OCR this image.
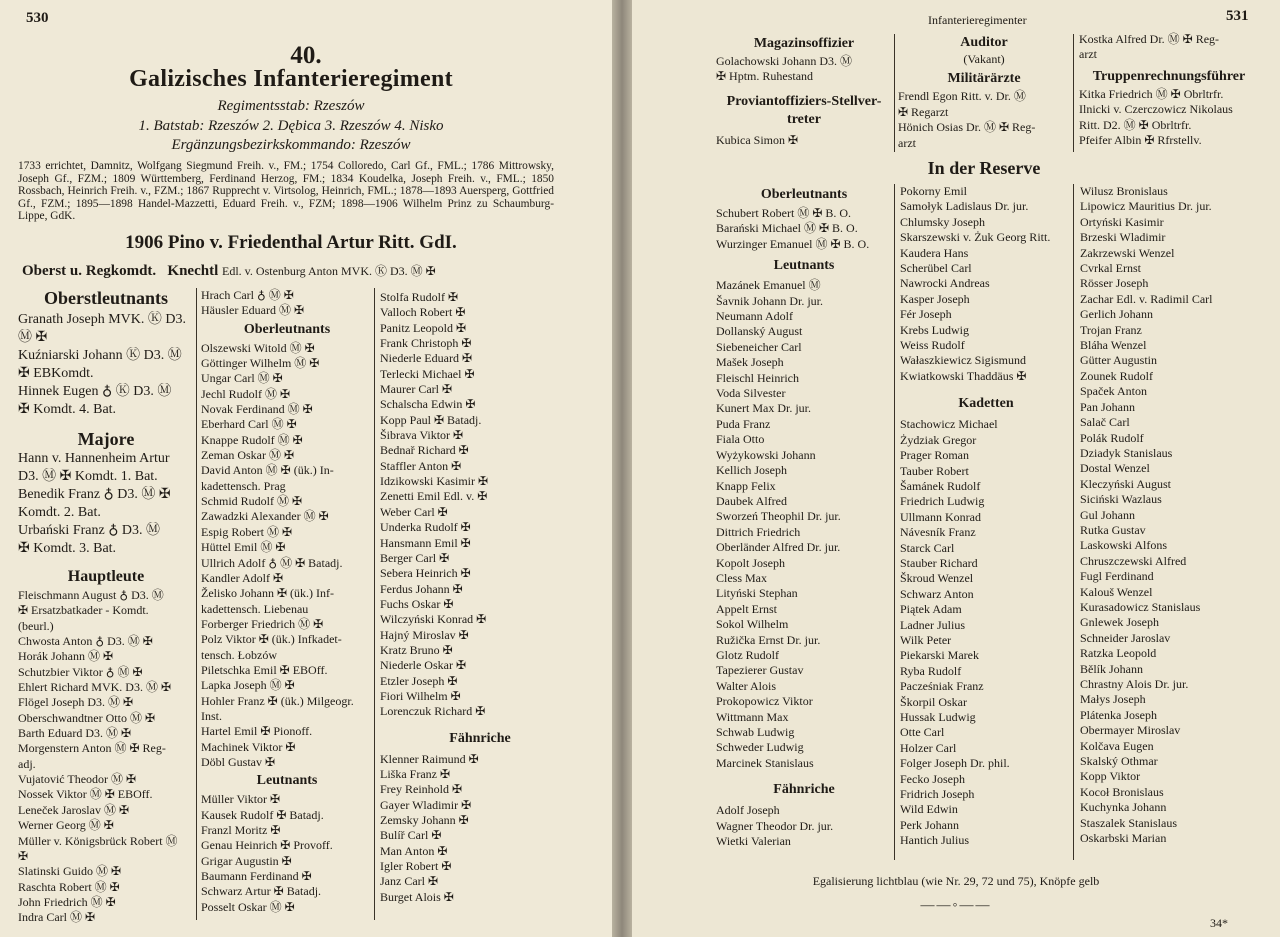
530
40.
Galizisches Infanterieregiment
Regimentsstab: Rzeszów
1. Batstab: Rzeszów 2. Dębica 3. Rzeszów 4. Nisko
Ergänzungsbezirkskommando: Rzeszów
1733 errichtet, Damnitz, Wolfgang Siegmund Freih. v., FM.; 1754 Colloredo, Carl Gf., FML.; 1786 Mittrowsky, Joseph Gf., FZM.; 1809 Württemberg, Ferdinand Herzog, FM.; 1834 Koudelka, Joseph Freih. v., FML.; 1850 Rossbach, Heinrich Freih. v., FZM.; 1867 Rupprecht v. Virtsolog, Heinrich, FML.; 1878—1893 Auersperg, Gottfried Gf., FZM.; 1895—1898 Handel-Mazzetti, Eduard Freih. v., FZM; 1898—1906 Wilhelm Prinz zu Schaumburg-Lippe, GdK.
1906 Pino v. Friedenthal Artur Ritt. GdI.
Oberst u. Regkomdt. Knechtl Edl. v. Ostenburg Anton MVK. Ⓚ D3. Ⓜ ✠
Oberstleutnants
Granath Joseph MVK. Ⓚ D3.
Ⓜ ✠
Kuźniarski Johann Ⓚ D3. Ⓜ
✠ EBKomdt.
Hinnek Eugen ♁ Ⓚ D3. Ⓜ
✠ Komdt. 4. Bat.
Majore
Hann v. Hannenheim Artur
D3. Ⓜ ✠ Komdt. 1. Bat.
Benedik Franz ♁ D3. Ⓜ ✠
Komdt. 2. Bat.
Urbański Franz ♁ D3. Ⓜ
✠ Komdt. 3. Bat.
Hauptleute
Fleischmann August ♁ D3. Ⓜ
✠ Ersatzbatkader - Komdt.
(beurl.)
Chwosta Anton ♁ D3. Ⓜ ✠
Horák Johann Ⓜ ✠
Schutzbier Viktor ♁ Ⓜ ✠
Ehlert Richard MVK. D3. Ⓜ ✠
Flögel Joseph D3. Ⓜ ✠
Oberschwandtner Otto Ⓜ ✠
Barth Eduard D3. Ⓜ ✠
Morgenstern Anton Ⓜ ✠ Reg-
adj.
Vujatović Theodor Ⓜ ✠
Nossek Viktor Ⓜ ✠ EBOff.
Leneček Jaroslav Ⓜ ✠
Werner Georg Ⓜ ✠
Müller v. Königsbrück Robert Ⓜ
✠
Slatinski Guido Ⓜ ✠
Raschta Robert Ⓜ ✠
John Friedrich Ⓜ ✠
Indra Carl Ⓜ ✠
Hrach Carl ♁ Ⓜ ✠
Häusler Eduard Ⓜ ✠
Oberleutnants
Olszewski Witold Ⓜ ✠
Göttinger Wilhelm Ⓜ ✠
Ungar Carl Ⓜ ✠
Jechl Rudolf Ⓜ ✠
Novak Ferdinand Ⓜ ✠
Eberhard Carl Ⓜ ✠
Knappe Rudolf Ⓜ ✠
Zeman Oskar Ⓜ ✠
David Anton Ⓜ ✠ (ük.) In-
kadettensch. Prag
Schmid Rudolf Ⓜ ✠
Zawadzki Alexander Ⓜ ✠
Espig Robert Ⓜ ✠
Hüttel Emil Ⓜ ✠
Ullrich Adolf ♁ Ⓜ ✠ Batadj.
Kandler Adolf ✠
Želisko Johann ✠ (ük.) Inf-
kadettensch. Liebenau
Forberger Friedrich Ⓜ ✠
Polz Viktor ✠ (ük.) Infkadet-
tensch. Łobzów
Piletschka Emil ✠ EBOff.
Lapka Joseph Ⓜ ✠
Hohler Franz ✠ (ük.) Milgeogr.
Inst.
Hartel Emil ✠ Pionoff.
Machinek Viktor ✠
Döbl Gustav ✠
Leutnants
Müller Viktor ✠
Kausek Rudolf ✠ Batadj.
Franzl Moritz ✠
Genau Heinrich ✠ Provoff.
Grigar Augustin ✠
Baumann Ferdinand ✠
Schwarz Artur ✠ Batadj.
Posselt Oskar Ⓜ ✠
Stolfa Rudolf ✠
Valloch Robert ✠
Panitz Leopold ✠
Frank Christoph ✠
Niederle Eduard ✠
Terlecki Michael ✠
Maurer Carl ✠
Schalscha Edwin ✠
Kopp Paul ✠ Batadj.
Šibrava Viktor ✠
Bednař Richard ✠
Staffler Anton ✠
Idzikowski Kasimir ✠
Zenetti Emil Edl. v. ✠
Weber Carl ✠
Underka Rudolf ✠
Hansmann Emil ✠
Berger Carl ✠
Sebera Heinrich ✠
Ferdus Johann ✠
Fuchs Oskar ✠
Wilczyński Konrad ✠
Hajný Miroslav ✠
Kratz Bruno ✠
Niederle Oskar ✠
Etzler Joseph ✠
Fiori Wilhelm ✠
Lorenczuk Richard ✠
Fähnriche
Klenner Raimund ✠
Liška Franz ✠
Frey Reinhold ✠
Gayer Wladimir ✠
Zemsky Johann ✠
Bulíř Carl ✠
Man Anton ✠
Igler Robert ✠
Janz Carl ✠
Burget Alois ✠
Infanterieregimenter	531
Magazinsoffizier
Golachowski Johann D3. Ⓜ
✠ Hptm. Ruhestand
Proviantoffiziers-Stellver-
treter
Kubica Simon ✠
Auditor
(Vakant)
Militärärzte
Frendl Egon Ritt. v. Dr. Ⓜ
✠ Regarzt
Hönich Osias Dr. Ⓜ ✠ Reg-
arzt
Kostka Alfred Dr. Ⓜ ✠ Reg-
arzt
Truppenrechnungsführer
Kitka Friedrich Ⓜ ✠ Obrltrfr.
Ilnicki v. Czerczowicz Nikolaus
Ritt. D2. Ⓜ ✠ Obrltrfr.
Pfeifer Albin ✠ Rfrstellv.
In der Reserve
Oberleutnants
Schubert Robert Ⓜ ✠ B. O.
Barański Michael Ⓜ ✠ B. O.
Wurzinger Emanuel Ⓜ ✠ B. O.
Leutnants
Mazánek Emanuel Ⓜ
Šavnik Johann Dr. jur.
Neumann Adolf
Dollanský August
Siebeneicher Carl
Mašek Joseph
Fleischl Heinrich
Voda Silvester
Kunert Max Dr. jur.
Puda Franz
Fiala Otto
Wyżykowski Johann
Kellich Joseph
Knapp Felix
Daubek Alfred
Sworzeń Theophil Dr. jur.
Dittrich Friedrich
Oberländer Alfred Dr. jur.
Kopolt Joseph
Cless Max
Lityński Stephan
Appelt Ernst
Sokol Wilhelm
Ružička Ernst Dr. jur.
Glotz Rudolf
Tapezierer Gustav
Walter Alois
Prokopowicz Viktor
Wittmann Max
Schwab Ludwig
Schweder Ludwig
Marcinek Stanislaus
Fähnriche
Adolf Joseph
Wagner Theodor Dr. jur.
Wietki Valerian
Pokorny Emil
Samołyk Ladislaus Dr. jur.
Chlumsky Joseph
Skarszewski v. Żuk Georg Ritt.
Kaudera Hans
Scherübel Carl
Nawrocki Andreas
Kasper Joseph
Fér Joseph
Krebs Ludwig
Weiss Rudolf
Wałaszkiewicz Sigismund
Kwiatkowski Thaddäus ✠
Kadetten
Stachowicz Michael
Żydziak Gregor
Prager Roman
Tauber Robert
Šamánek Rudolf
Friedrich Ludwig
Ullmann Konrad
Návesník Franz
Starck Carl
Stauber Richard
Škroud Wenzel
Schwarz Anton
Piątek Adam
Ladner Julius
Wilk Peter
Piekarski Marek
Ryba Rudolf
Pacześniak Franz
Škorpil Oskar
Hussak Ludwig
Otte Carl
Holzer Carl
Folger Joseph Dr. phil.
Fecko Joseph
Fridrich Joseph
Wild Edwin
Perk Johann
Hantich Julius
Wilusz Bronislaus
Lipowicz Mauritius Dr. jur.
Ortyński Kasimir
Brzeski Wladimir
Zakrzewski Wenzel
Cvrkal Ernst
Rösser Joseph
Zachar Edl. v. Radimil Carl
Gerlich Johann
Trojan Franz
Bláha Wenzel
Gütter Augustin
Zounek Rudolf
Spaček Anton
Pan Johann
Salač Carl
Polák Rudolf
Dziadyk Stanislaus
Dostal Wenzel
Kleczyński August
Siciński Wazlaus
Gul Johann
Rutka Gustav
Laskowski Alfons
Chruszczewski Alfred
Fugl Ferdinand
Kalouš Wenzel
Kurasadowicz Stanislaus
Gnlewek Joseph
Schneider Jaroslav
Ratzka Leopold
Bělík Johann
Chrastny Alois Dr. jur.
Małys Joseph
Plátenka Joseph
Obermayer Miroslav
Kolčava Eugen
Skalský Othmar
Kopp Viktor
Kocoł Bronislaus
Kuchynka Johann
Staszalek Stanislaus
Oskarbski Marian
Egalisierung lichtblau (wie Nr. 29, 72 und 75), Knöpfe gelb
——◦——
34*
